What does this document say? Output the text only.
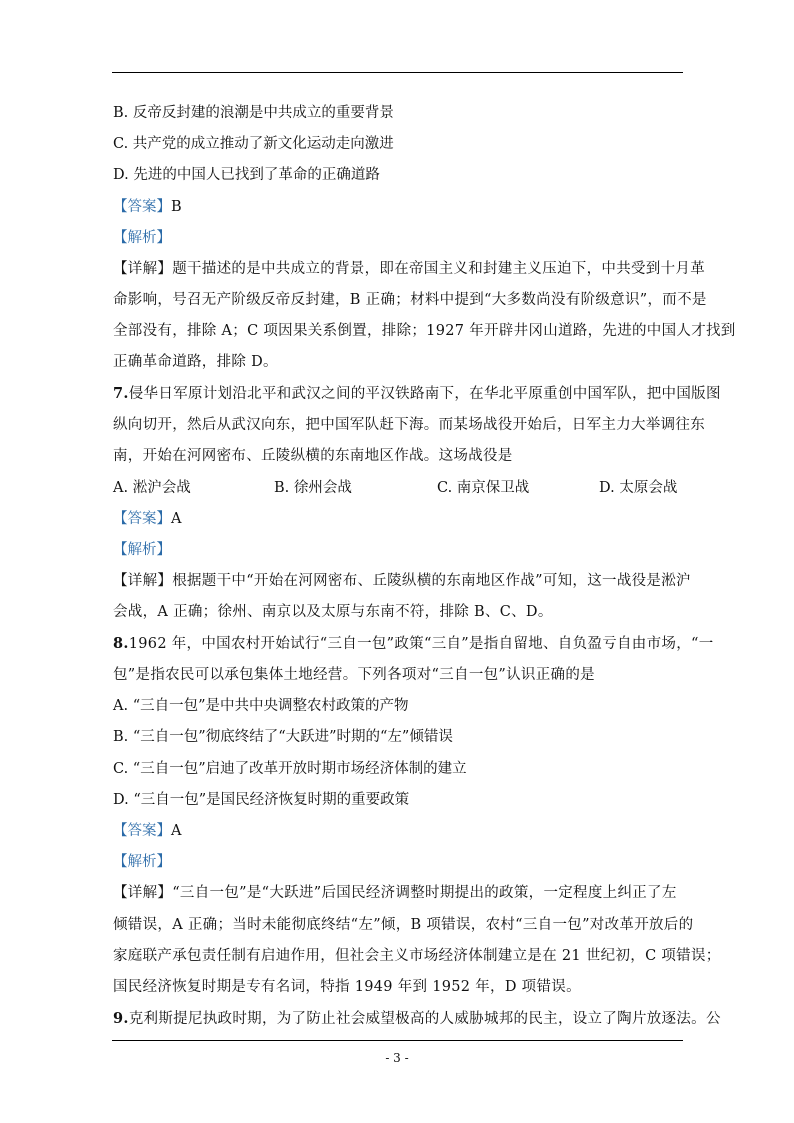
B. 反帝反封建的浪潮是中共成立的重要背景
C. 共产党的成立推动了新文化运动走向激进
D. 先进的中国人已找到了革命的正确道路
【答案】B
【解析】
【详解】题干描述的是中共成立的背景，即在帝国主义和封建主义压迫下，中共受到十月革
命影响，号召无产阶级反帝反封建，B 正确；材料中提到“大多数尚没有阶级意识”，而不是
全部没有，排除 A；C 项因果关系倒置，排除；1927 年开辟井冈山道路，先进的中国人才找到
正确革命道路，排除 D。
7.侵华日军原计划沿北平和武汉之间的平汉铁路南下，在华北平原重创中国军队，把中国版图
纵向切开，然后从武汉向东，把中国军队赶下海。而某场战役开始后，日军主力大举调往东
南，开始在河网密布、丘陵纵横的东南地区作战。这场战役是
A. 淞沪会战	B. 徐州会战	C. 南京保卫战	D. 太原会战
【答案】A
【解析】
【详解】根据题干中“开始在河网密布、丘陵纵横的东南地区作战”可知，这一战役是淞沪
会战，A 正确；徐州、南京以及太原与东南不符，排除 B、C、D。
8.1962 年，中国农村开始试行“三自一包”政策“三自”是指自留地、自负盈亏自由市场，“一
包”是指农民可以承包集体土地经营。下列各项对“三自一包”认识正确的是
A. “三自一包”是中共中央调整农村政策的产物
B. “三自一包”彻底终结了“大跃进”时期的“左”倾错误
C. “三自一包”启迪了改革开放时期市场经济体制的建立
D. “三自一包”是国民经济恢复时期的重要政策
【答案】A
【解析】
【详解】“三自一包”是“大跃进”后国民经济调整时期提出的政策，一定程度上纠正了左
倾错误，A 正确；当时未能彻底终结“左”倾，B 项错误，农村“三自一包”对改革开放后的
家庭联产承包责任制有启迪作用，但社会主义市场经济体制建立是在 21 世纪初，C 项错误；
国民经济恢复时期是专有名词，特指 1949 年到 1952 年，D 项错误。
9.克利斯提尼执政时期，为了防止社会威望极高的人威胁城邦的民主，设立了陶片放逐法。公
- 3 -
